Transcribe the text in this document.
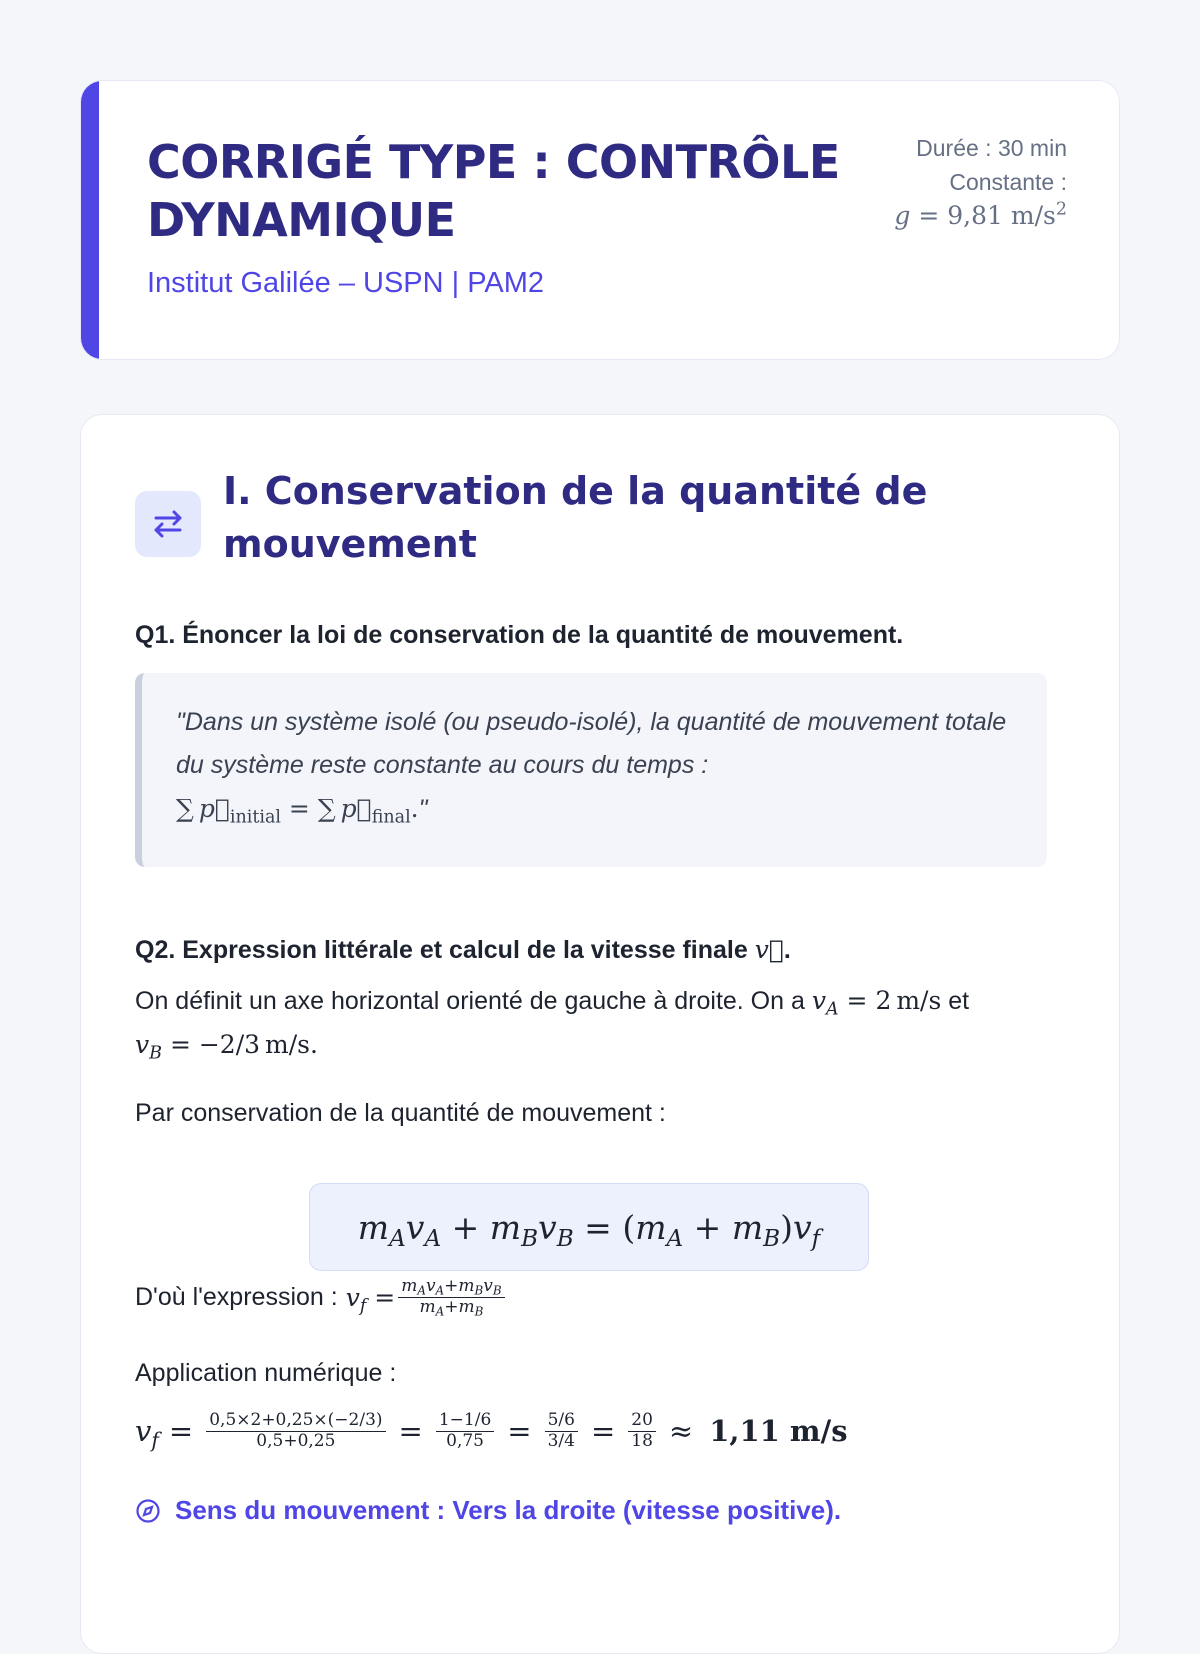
CORRIGÉ TYPE : CONTRÔLE DYNAMIQUE
Institut Galilée – USPN | PAM2
Durée : 30 min
Constante :
g = 9,81 $m/s^2$
I. Conservation de la quantité de mouvement
Q1. Énoncer la loi de conservation de la quantité de mouvement.
"Dans un système isolé (ou pseudo-isolé), la quantité de mouvement totale du système reste constante au cours du temps :
∑ $p⃗_{initial}$ = ∑ $p⃗_{final}$."
Q2. Expression littérale et calcul de la vitesse finale v⃗.
On définit un axe horizontal orienté de gauche à droite. On a $v_A = 2$ m/s et
$v_B = -2/3$ m/s.
Par conservation de la quantité de mouvement :
$m_Av_A + m_Bv_B = (m_A + m_B)v_f$
D'où l'expression : $v_f = \frac{m_Av_A+m_Bv_B}{m_A+m_B}$
Application numérique :
$v_f = \frac{0,5\times 2+0,25\times(-2/3)}{0,5+0,25} = \frac{1-1/6}{0,75} = \frac{5/6}{3/4} = \frac{20}{18} \approx 1,11$ m/s
Sens du mouvement : Vers la droite (vitesse positive).
